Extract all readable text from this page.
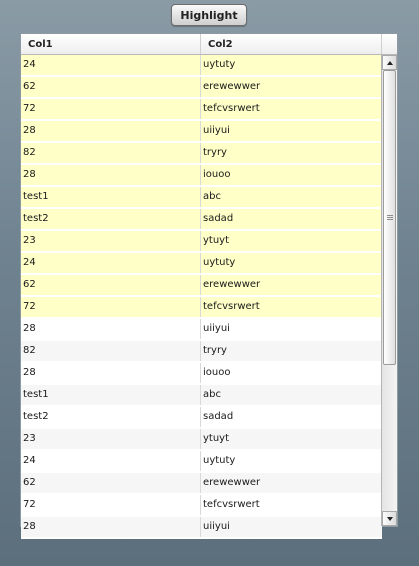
Highlight
Col1	Col2
24	uytuty
62	erewewwer
72	tefcvsrwert
28	uiiyui
82	tryry
28	iouoo
test1	abc
test2	sadad
23	ytuyt
24	uytuty
62	erewewwer
72	tefcvsrwert
28	uiiyui
82	tryry
28	iouoo
test1	abc
test2	sadad
23	ytuyt
24	uytuty
62	erewewwer
72	tefcvsrwert
28	uiiyui
